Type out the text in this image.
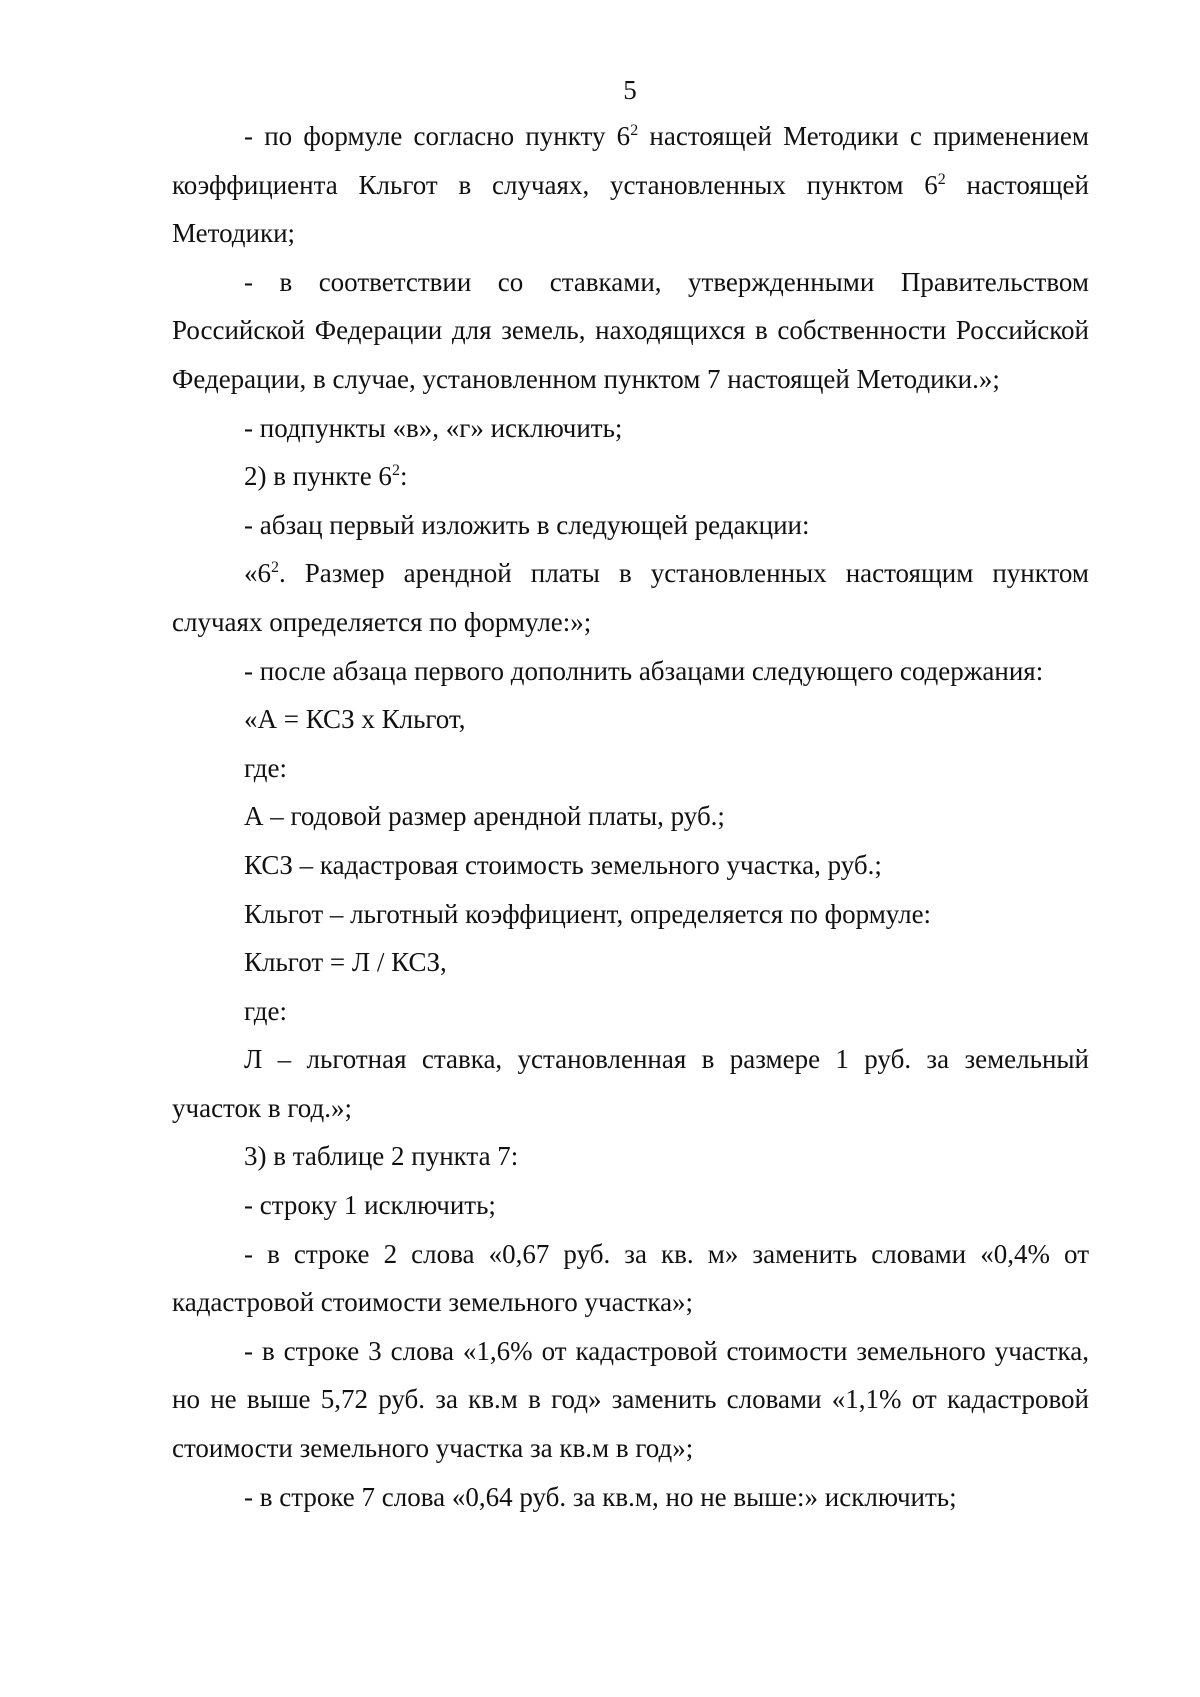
5

- по формуле согласно пункту $6^2$ настоящей Методики с применением коэффициента Кльгот в случаях, установленных пунктом $6^2$ настоящей Методики;

- в соответствии со ставками, утвержденными Правительством Российской Федерации для земель, находящихся в собственности Российской Федерации, в случае, установленном пунктом 7 настоящей Методики.»;

- подпункты «в», «г» исключить;

2) в пункте $6^2$:

- абзац первый изложить в следующей редакции:

«$6^2$. Размер арендной платы в установленных настоящим пунктом случаях определяется по формуле:»;

- после абзаца первого дополнить абзацами следующего содержания:

«А = КСЗ х Кльгот,

где:

А – годовой размер арендной платы, руб.;

КСЗ – кадастровая стоимость земельного участка, руб.;

Кльгот – льготный коэффициент, определяется по формуле:

Кльгот = Л / КСЗ,

где:

Л – льготная ставка, установленная в размере 1 руб. за земельный участок в год.»;

3) в таблице 2 пункта 7:

- строку 1 исключить;

- в строке 2 слова «0,67 руб. за кв. м» заменить словами «0,4% от кадастровой стоимости земельного участка»;

- в строке 3 слова «1,6% от кадастровой стоимости земельного участка, но не выше 5,72 руб. за кв.м в год» заменить словами «1,1% от кадастровой стоимости земельного участка за кв.м в год»;

- в строке 7 слова «0,64 руб. за кв.м, но не выше:» исключить;
